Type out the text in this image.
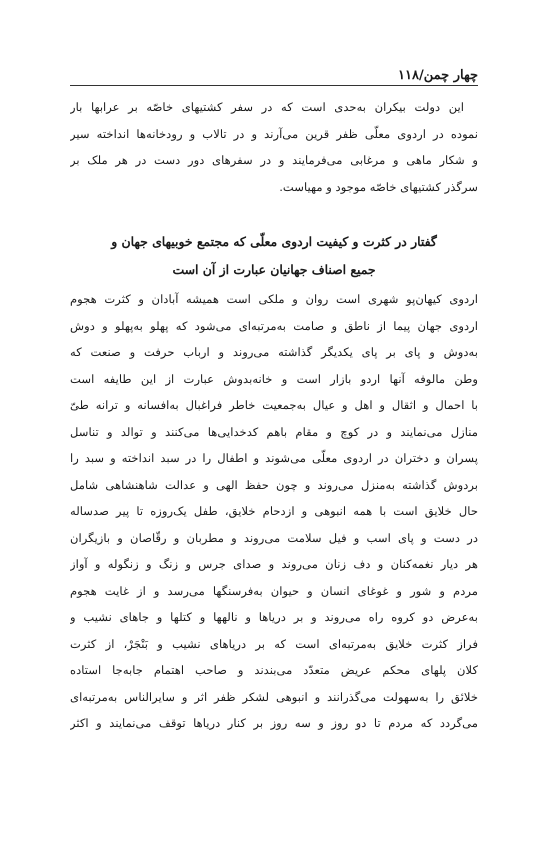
چهار چمن/۱۱۸
این دولت بیکران به‌حدی است که در سفر کشتیهای خاصّه بر عرابها بار
نموده در اردوی معلّی ظفر قرین می‌آرند و در تالاب و رودخانه‌ها انداخته سیر
و شکار ماهی و مرغابی می‌فرمایند و در سفرهای دور دست در هر ملک بر
سرگذر کشتیهای خاصّه موجود و مهیاست.
گفتار در کثرت و کیفیت اردوی معلّی که مجتمع خوبیهای جهان و
جمیع اصناف جهانیان عبارت از آن است
اردوی کیهان‌پو شهری است روان و ملکی است همیشه آبادان و کثرت هجوم
اردوی جهان پیما از ناطق و صامت به‌مرتبه‌ای می‌شود که پهلو به‌پهلو و دوش
به‌دوش و پای بر پای یکدیگر گذاشته می‌روند و ارباب حرفت و صنعت که
وطن مالوفه آنها اردو بازار است و خانه‌بدوش عبارت از این طایفه است
با احمال و اثقال و اهل و عیال به‌جمعیت خاطر فراغبال به‌افسانه و ترانه طیّ
منازل می‌نمایند و در کوچ و مقام باهم کدخدایی‌ها می‌کنند و توالد و تناسل
پسران و دختران در اردوی معلّی می‌شوند و اطفال را در سبد انداخته و سبد را
بردوش گذاشته به‌منزل می‌روند و چون حفظ الهی و عدالت شاهنشاهی شامل
حال خلایق است با همه انبوهی و ازدحام خلایق، طفل یک‌روزه تا پیر صدساله
در دست و پای اسب و فیل سلامت می‌روند و مطربان و رقّاصان و بازیگران
هر دیار نغمه‌کنان و دف زنان می‌روند و صدای جرس و زنگ و زنگوله و آواز
مردم و شور و غوغای انسان و حیوان به‌فرسنگها می‌رسد و از غایت هجوم
به‌عرض دو کروه راه می‌روند و بر دریاها و نالهها و کتلها و جاهای نشیب و
فراز کثرت خلایق به‌مرتبه‌ای است که بر دریاهای نشیب و بَنْجَرْ، از کثرت
کلان پلهای محکم عریض متعدّد می‌بندند و صاحب اهتمام جابه‌جا استاده
خلائق را به‌سهولت می‌گذرانند و انبوهی لشکر ظفر اثر و سایرالناس به‌مرتبه‌ای
می‌گردد که مردم تا دو روز و سه روز بر کنار دریاها توقف می‌نمایند و اکثر
